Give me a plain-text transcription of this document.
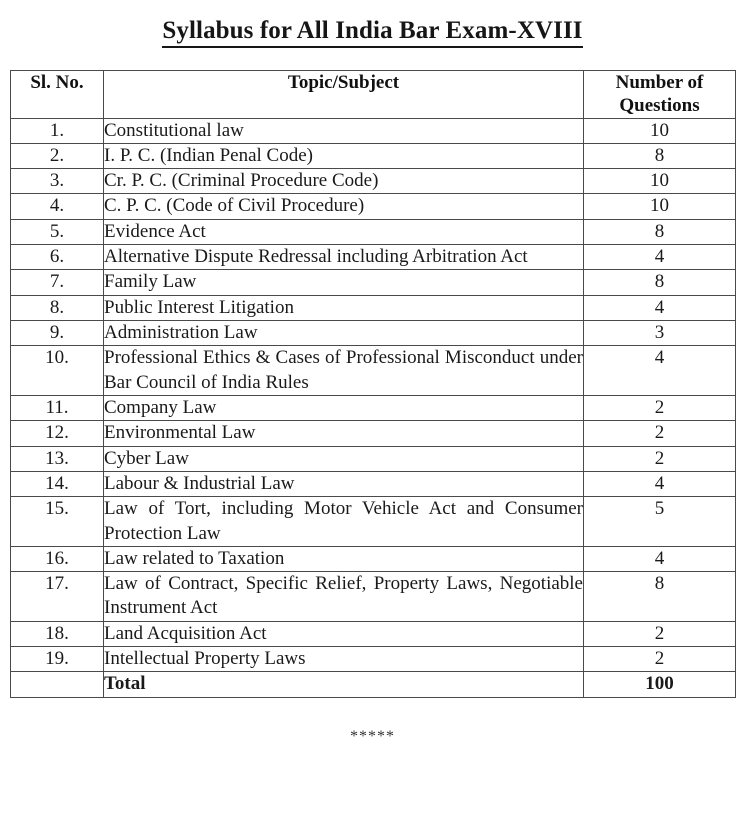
Syllabus for All India Bar Exam-XVIII
Sl. No.	Topic/Subject	Number of
Questions

1.	Constitutional law	10
2.	I. P. C. (Indian Penal Code)	8
3.	Cr. P. C. (Criminal Procedure Code)	10
4.	C. P. C. (Code of Civil Procedure)	10
5.	Evidence Act	8
6.	Alternative Dispute Redressal including Arbitration Act	4
7.	Family Law	8
8.	Public Interest Litigation	4
9.	Administration Law	3
10.	Professional Ethics & Cases of Professional Misconduct under Bar Council of India Rules	4
11.	Company Law	2
12.	Environmental Law	2
13.	Cyber Law	2
14.	Labour & Industrial Law	4
15.	Law of Tort, including Motor Vehicle Act and Consumer Protection Law	5
16.	Law related to Taxation	4
17.	Law of Contract, Specific Relief, Property Laws, Negotiable Instrument Act	8
18.	Land Acquisition Act	2
19.	Intellectual Property Laws	2
	Total	100
*****
